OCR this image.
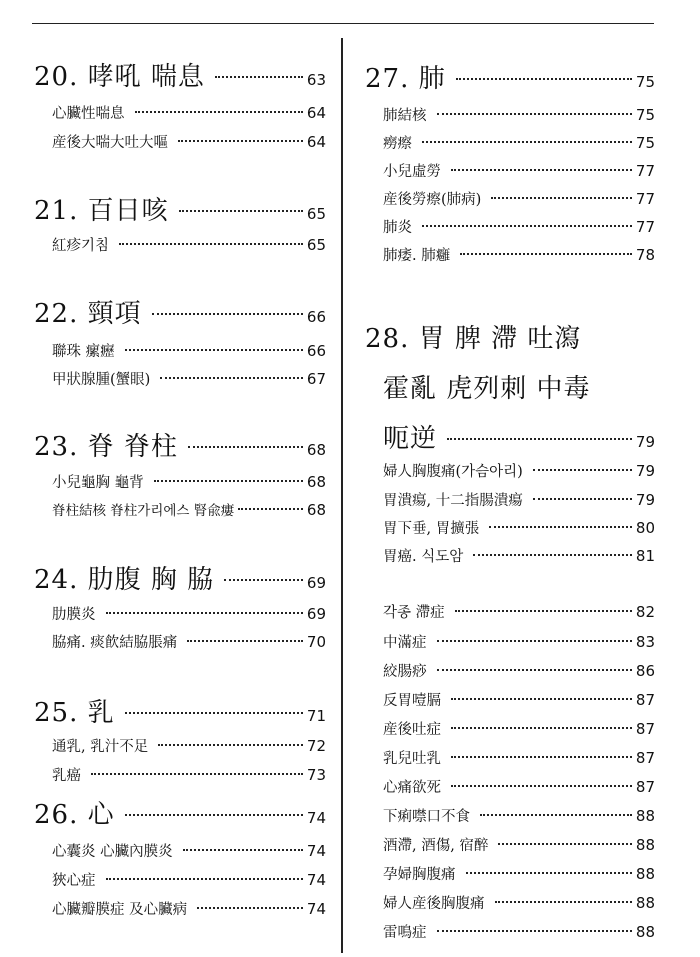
20. 哮吼 喘息	63
心臟性喘息	64
産後大喘大吐大嘔	64
21. 百日咳	65
紅疹기침	65
22. 頸項	66
聯珠 瘰癧	66
甲狀腺腫(蟹眼)	67
23. 脊 脊柱	68
小兒龜胸 龜背	68
脊柱結核 脊柱가리에스 腎兪瘻	68
24. 肋腹 胸 脇	69
肋膜炎	69
脇痛. 痰飮結脇脹痛	70
25. 乳	71
通乳, 乳汁不足	72
乳癌	73
26. 心	74
心囊炎 心臟內膜炎	74
狹心症	74
心臟瓣膜症 及心臟病	74
27. 肺	75
肺結核	75
癆瘵	75
小兒虛勞	77
産後勞瘵(肺病)	77
肺炎	77
肺痿. 肺癰	78
28. 胃 脾 滯 吐瀉
霍亂 虎列刺 中毒
呃逆	79
婦人胸腹痛(가슴아리)	79
胃潰瘍, 十二指腸潰瘍	79
胃下垂, 胃擴張	80
胃癌. 식도암	81
각종 滯症	82
中滿症	83
絞腸痧	86
反胃噎膈	87
産後吐症	87
乳兒吐乳	87
心痛欲死	87
下痢噤口不食	88
酒滯, 酒傷, 宿醉	88
孕婦胸腹痛	88
婦人産後胸腹痛	88
雷鳴症	88
